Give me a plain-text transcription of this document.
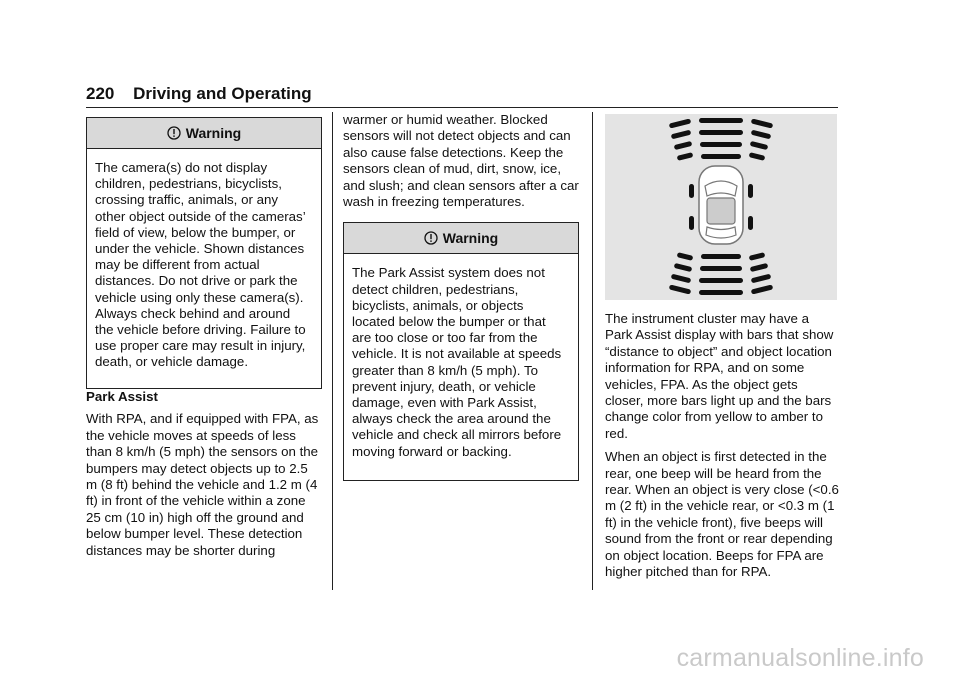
220 Driving and Operating
Warning
The camera(s) do not display children, pedestrians, bicyclists, crossing traffic, animals, or any other object outside of the cameras’ field of view, below the bumper, or under the vehicle. Shown distances may be different from actual distances. Do not drive or park the vehicle using only these camera(s). Always check behind and around the vehicle before driving. Failure to use proper care may result in injury, death, or vehicle damage.

Park Assist

With RPA, and if equipped with FPA, as the vehicle moves at speeds of less than 8 km/h (5 mph) the sensors on the bumpers may detect objects up to 2.5 m (8 ft) behind the vehicle and 1.2 m (4 ft) in front of the vehicle within a zone 25 cm (10 in) high off the ground and below bumper level. These detection distances may be shorter during

warmer or humid weather. Blocked sensors will not detect objects and can also cause false detections. Keep the sensors clean of mud, dirt, snow, ice, and slush; and clean sensors after a car wash in freezing temperatures.

Warning
The Park Assist system does not detect children, pedestrians, bicyclists, animals, or objects located below the bumper or that are too close or too far from the vehicle. It is not available at speeds greater than 8 km/h (5 mph). To prevent injury, death, or vehicle damage, even with Park Assist, always check the area around the vehicle and check all mirrors before moving forward or backing.

The instrument cluster may have a Park Assist display with bars that show “distance to object” and object location information for RPA, and on some vehicles, FPA. As the object gets closer, more bars light up and the bars change color from yellow to amber to red.

When an object is first detected in the rear, one beep will be heard from the rear. When an object is very close (<0.6 m (2 ft) in the vehicle rear, or <0.3 m (1 ft) in the vehicle front), five beeps will sound from the front or rear depending on object location. Beeps for FPA are higher pitched than for RPA.

carmanualsonline.info
